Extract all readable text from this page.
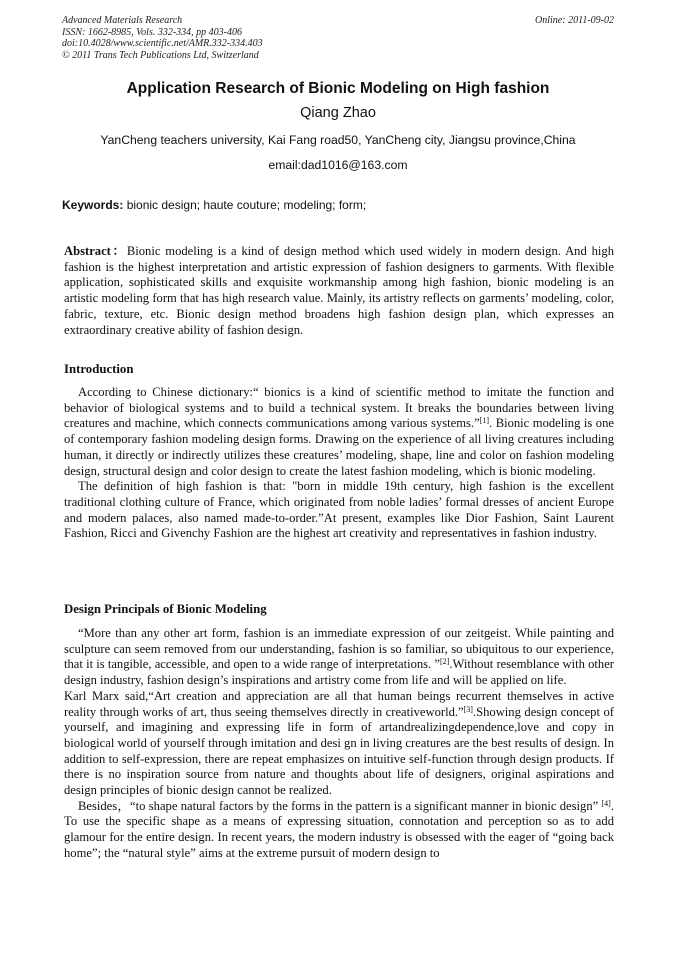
Advanced Materials Research
ISSN: 1662-8985, Vols. 332-334, pp 403-406
doi:10.4028/www.scientific.net/AMR.332-334.403
© 2011 Trans Tech Publications Ltd, Switzerland
Online: 2011-09-02
Application Research of Bionic Modeling on High fashion
Qiang Zhao
YanCheng teachers university, Kai Fang road50, YanCheng city, Jiangsu province,China
email:dad1016@163.com
Keywords: bionic design; haute couture; modeling; form;

Abstract：Bionic modeling is a kind of design method which used widely in modern design. And high fashion is the highest interpretation and artistic expression of fashion designers to garments. With flexible application, sophisticated skills and exquisite workmanship among high fashion, bionic modeling is an artistic modeling form that has high research value. Mainly, its artistry reflects on garments’ modeling, color, fabric, texture, etc. Bionic design method broadens high fashion design plan, which expresses an extraordinary creative ability of fashion design.

Introduction

According to Chinese dictionary:“ bionics is a kind of scientific method to imitate the function and behavior of biological systems and to build a technical system. It breaks the boundaries between living creatures and machine, which connects communications among various systems.”[1]. Bionic modeling is one of contemporary fashion modeling design forms. Drawing on the experience of all living creatures including human, it directly or indirectly utilizes these creatures’ modeling, shape, line and color on fashion modeling design, structural design and color design to create the latest fashion modeling, which is bionic modeling.

The definition of high fashion is that: "born in middle 19th century, high fashion is the excellent traditional clothing culture of France, which originated from noble ladies’ formal dresses of ancient Europe and modern palaces, also named made-to-order.”At present, examples like Dior Fashion, Saint Laurent Fashion, Ricci and Givenchy Fashion are the highest art creativity and representatives in fashion industry.

Design Principals of Bionic Modeling

“More than any other art form, fashion is an immediate expression of our zeitgeist. While painting and sculpture can seem removed from our understanding, fashion is so familiar, so ubiquitous to our experience, that it is tangible, accessible, and open to a wide range of interpretations. ”[2].Without resemblance with other design industry, fashion design’s inspirations and artistry come from life and will be applied on life.

Karl Marx said,“Art creation and appreciation are all that human beings recurrent themselves in active reality through works of art, thus seeing themselves directly in creativeworld.”[3].Showing design concept of yourself, and imagining and expressing life in form of artandrealizingdependence,love and copy in biological world of yourself through imitation and desi gn in living creatures are the best results of design. In addition to self-expression, there are repeat emphasizes on intuitive self-function through design products. If there is no inspiration source from nature and thoughts about life of designers, original aspirations and design principles of bionic design cannot be realized.

Besides，“to shape natural factors by the forms in the pattern is a significant manner in bionic design” [4]. To use the specific shape as a means of expressing situation, connotation and perception so as to add glamour for the entire design. In recent years, the modern industry is obsessed with the eager of “going back home”; the “natural style” aims at the extreme pursuit of modern design to
